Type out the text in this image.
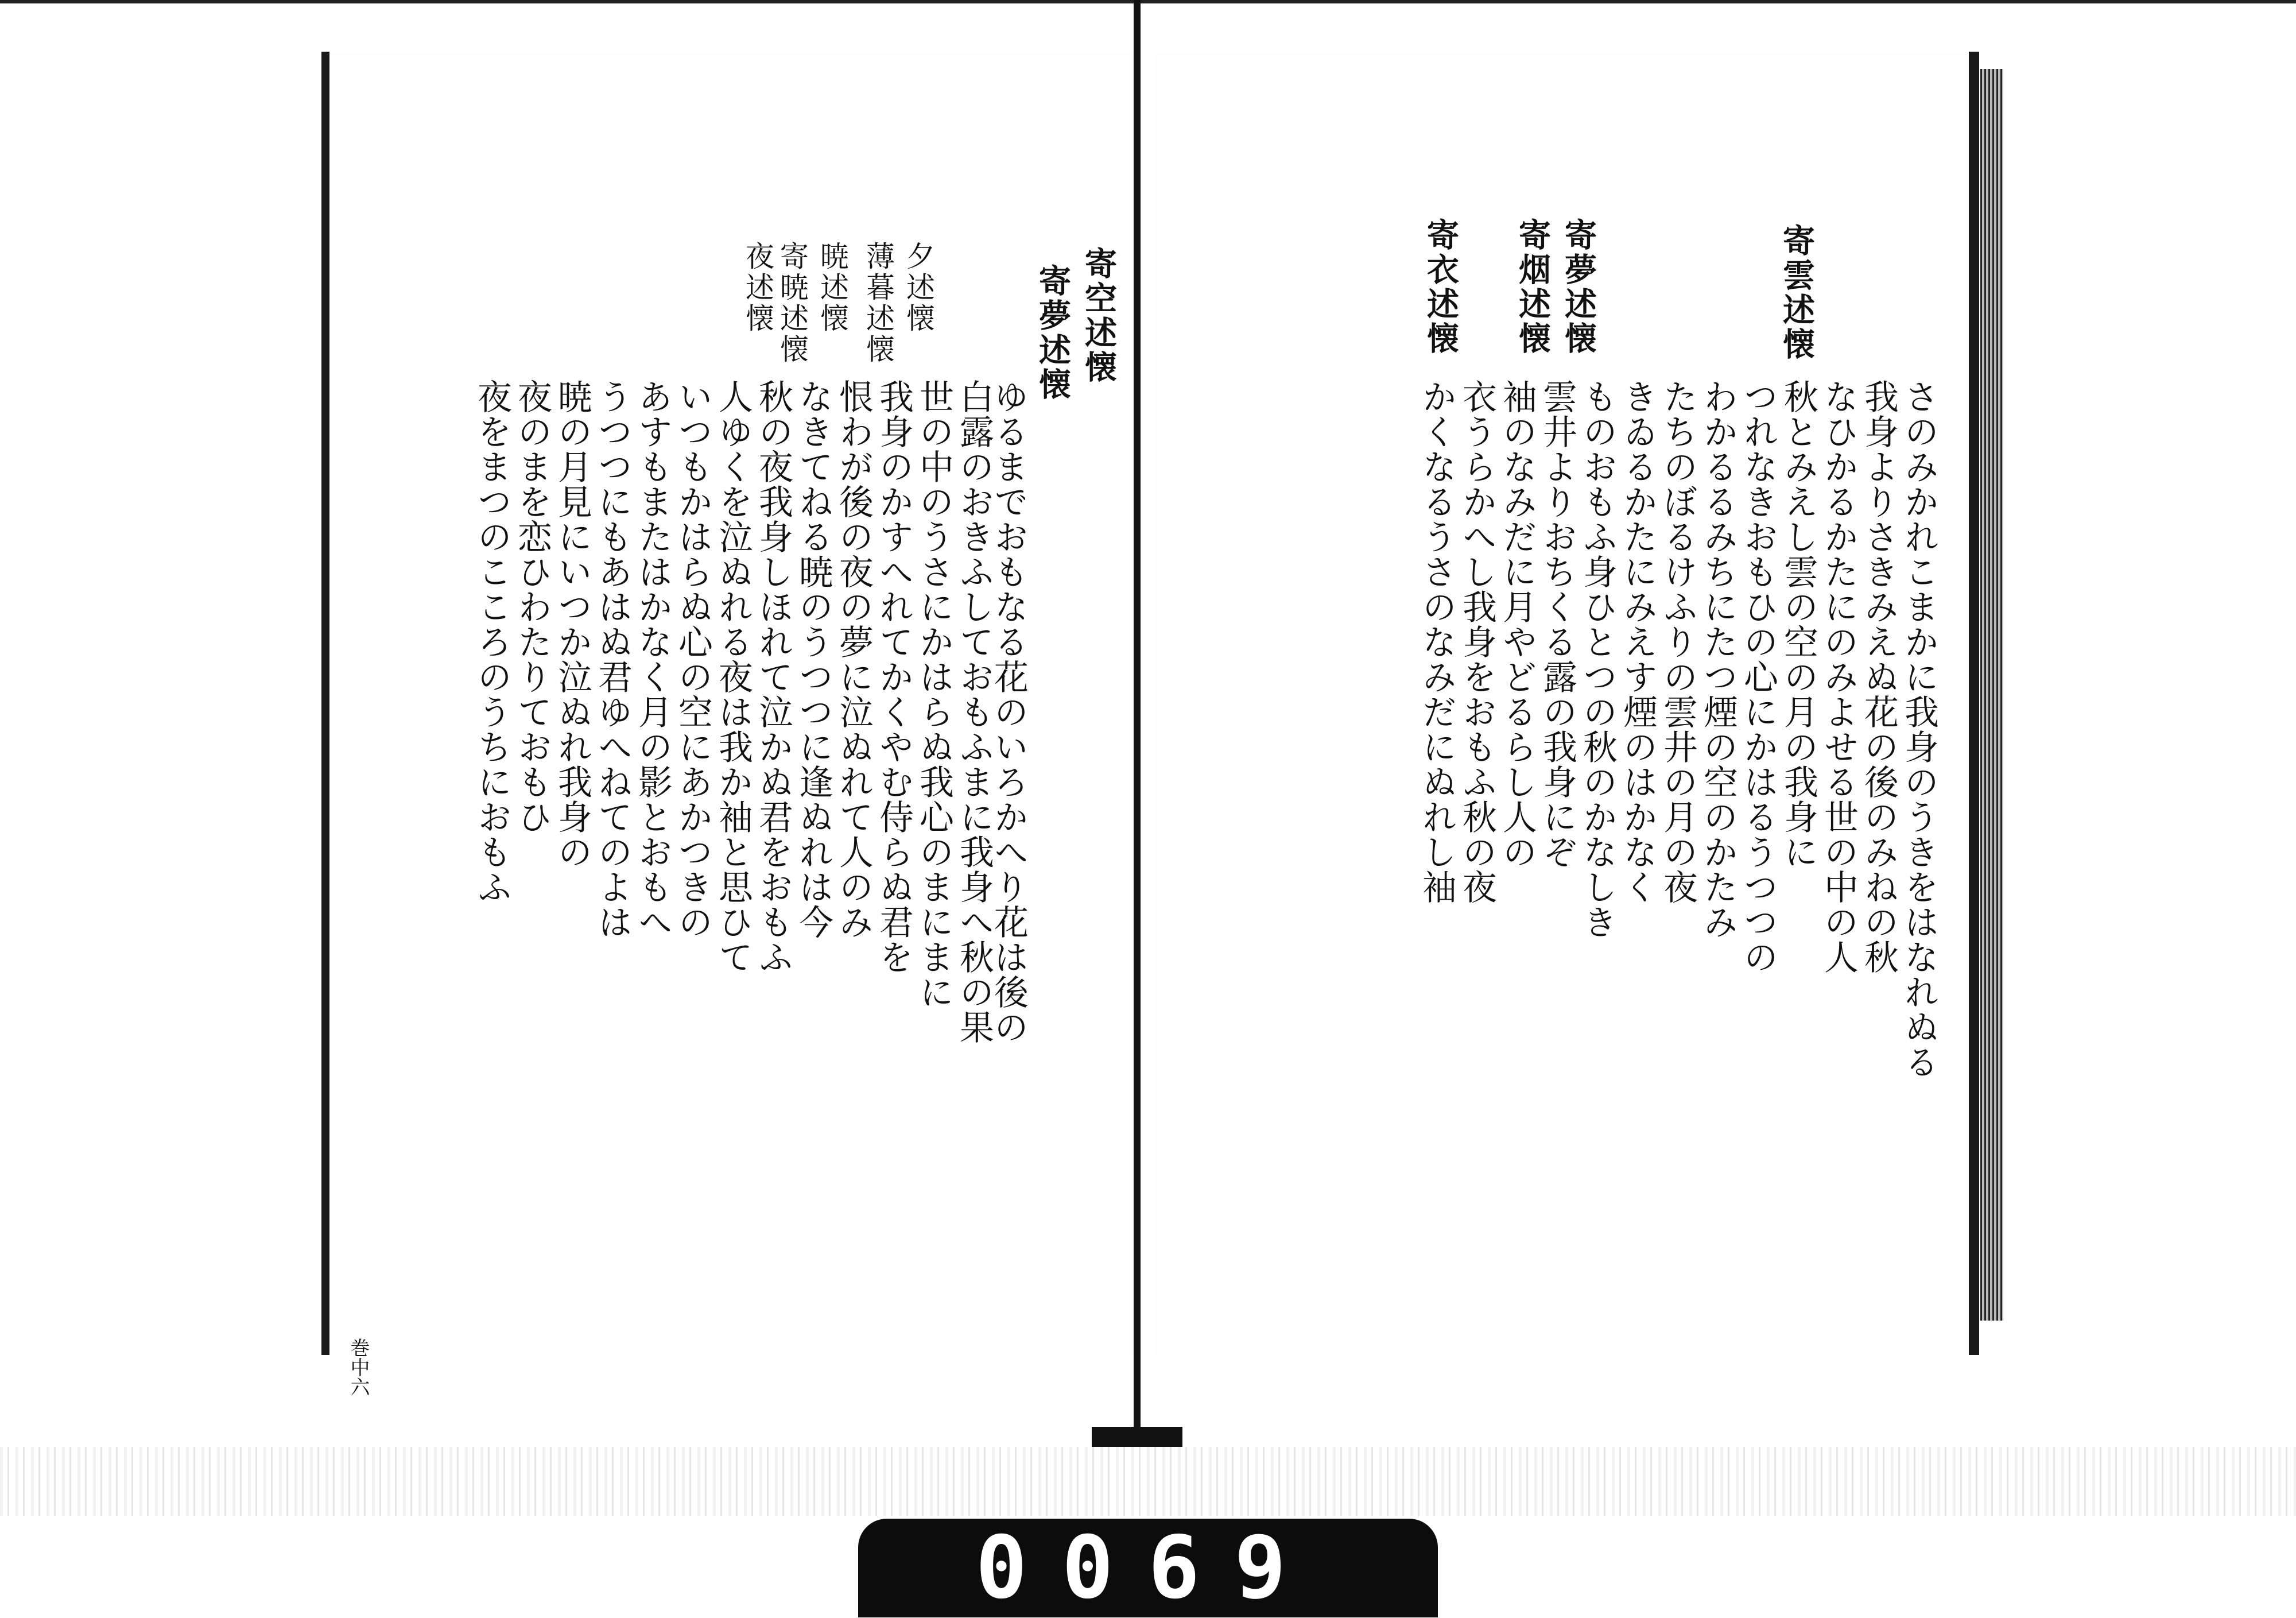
夜述懐 寄暁述懐 暁述懐 薄暮述懐 夕述懐	寄夢述懐 寄空述懐
ゆるまでおもなる花のいろかへり花は後の
白露のおきふしておもふまに我身へ秋の果
世の中のうさにかはらぬ我心のまにまに
我身のかすへれてかくやむ侍らぬ君を
恨わが後の夜の夢に泣ぬれて人のみ
なきてねる暁のうつつに逢ぬれは今
秋の夜我身しほれて泣かぬ君をおもふ
人ゆくを泣ぬれる夜は我か袖と思ひて
いつもかはらぬ心の空にあかつきの
あすもまたはかなく月の影とおもへ
うつつにもあはぬ君ゆへねてのよは
暁の月見にいつか泣ぬれ我身の
夜のまを恋ひわたりておもひ
夜をまつのこころのうちにおもふ
寄衣述懐 寄烟述懐 寄夢述懐	寄雲述懐
さのみかれこまかに我身のうきをはなれぬる
我身よりさきみえぬ花の後のみねの秋
なひかるかたにのみよせる世の中の人
秋とみえし雲の空の月の我身に
つれなきおもひの心にかはるうつつの
わかるるみちにたつ煙の空のかたみ
たちのぼるけふりの雲井の月の夜
きゐるかたにみえす煙のはかなく
ものおもふ身ひとつの秋のかなしき
雲井よりおちくる露の我身にぞ
袖のなみだに月やどるらし人の
衣うらかへし我身をおもふ秋の夜
かくなるうさのなみだにぬれし袖
巻中六
0069
